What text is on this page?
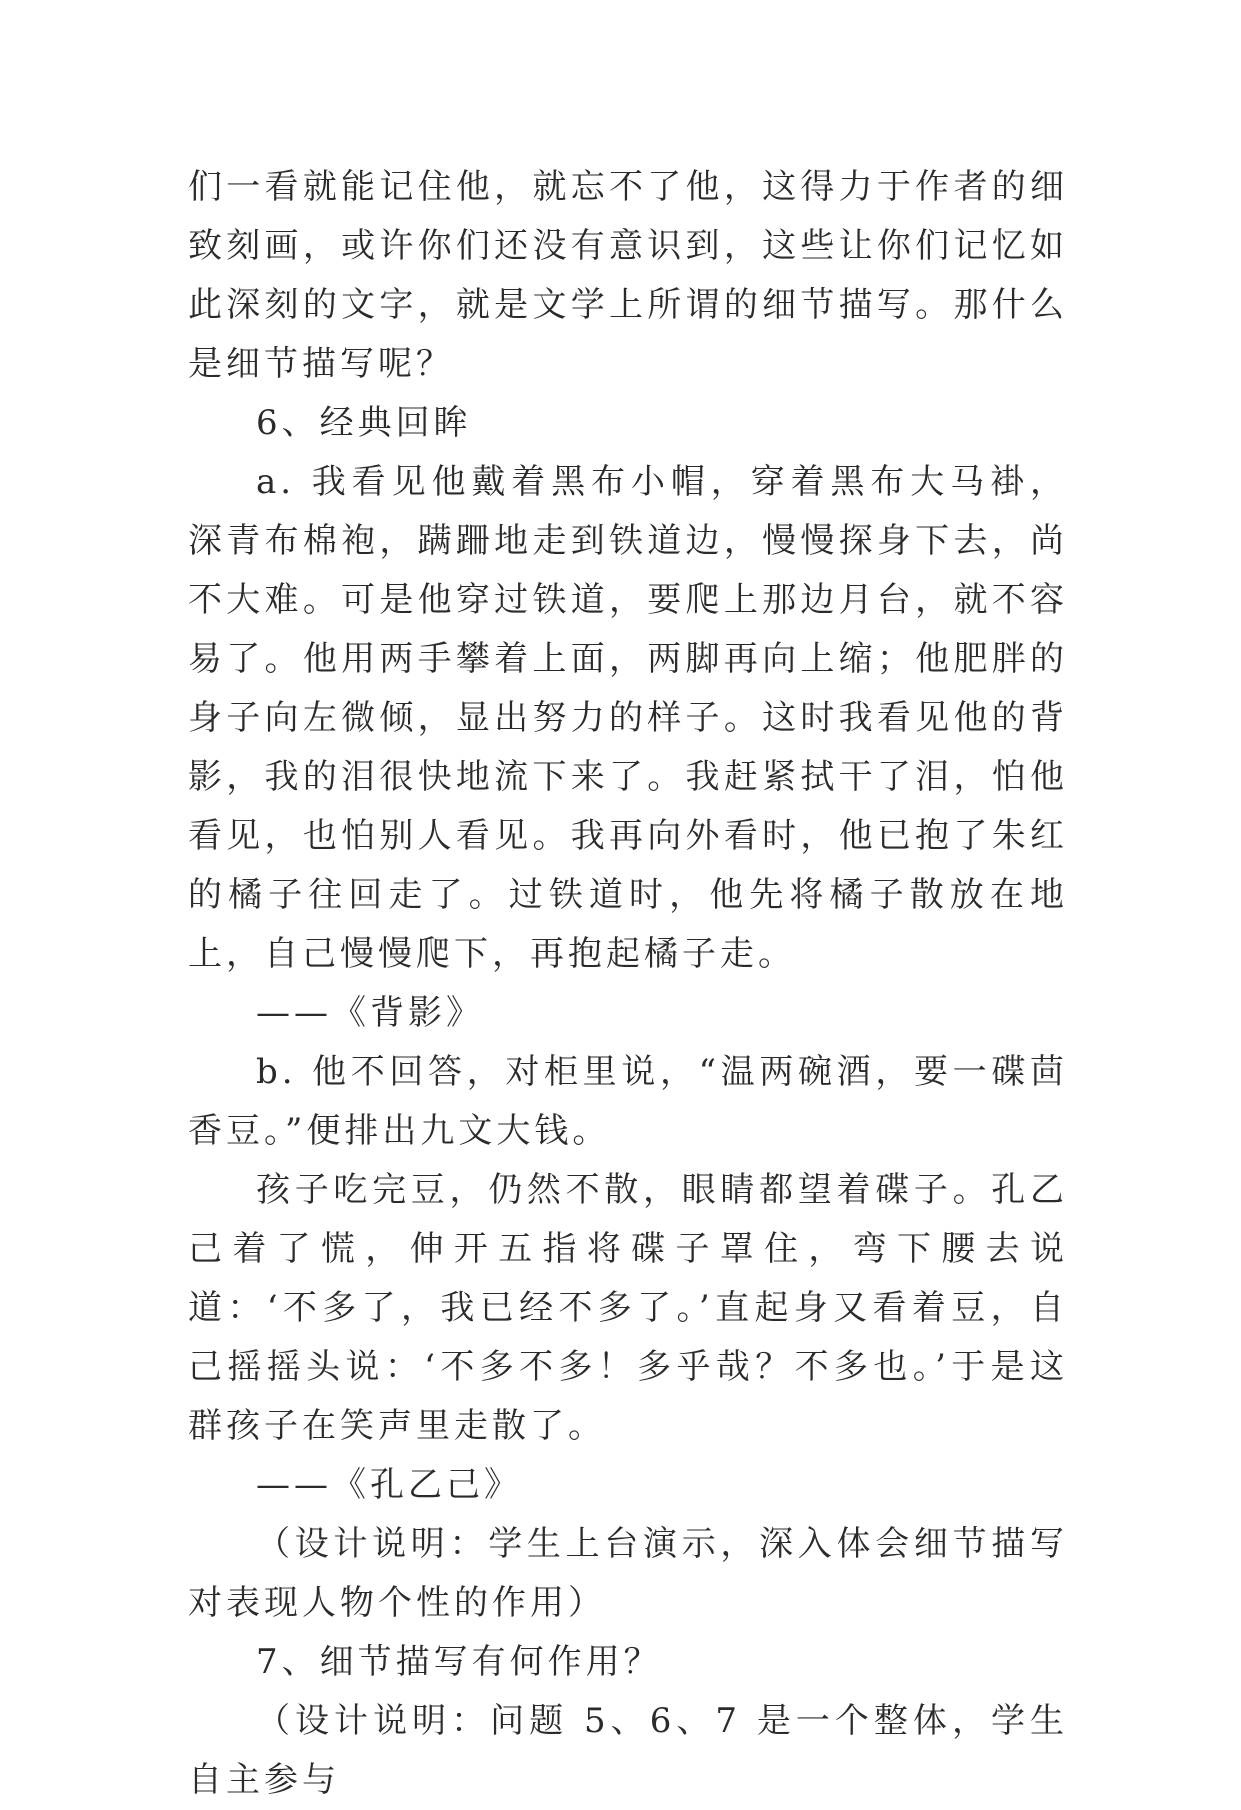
们一看就能记住他，就忘不了他，这得力于作者的细致刻画，或许你们还没有意识到，这些让你们记忆如此深刻的文字，就是文学上所谓的细节描写。那什么是细节描写呢？

6、经典回眸

a. 我看见他戴着黑布小帽，穿着黑布大马褂，深青布棉袍，蹒跚地走到铁道边，慢慢探身下去，尚不大难。可是他穿过铁道，要爬上那边月台，就不容易了。他用两手攀着上面，两脚再向上缩；他肥胖的身子向左微倾，显出努力的样子。这时我看见他的背影，我的泪很快地流下来了。我赶紧拭干了泪，怕他看见，也怕别人看见。我再向外看时，他已抱了朱红的橘子往回走了。过铁道时，他先将橘子散放在地上，自己慢慢爬下，再抱起橘子走。

——《背影》

b. 他不回答，对柜里说，“温两碗酒，要一碟茴香豆。”便排出九文大钱。

孩子吃完豆，仍然不散，眼睛都望着碟子。孔乙己着了慌，伸开五指将碟子罩住，弯下腰去说道：‘不多了，我已经不多了。’直起身又看着豆，自己摇摇头说：‘不多不多！多乎哉？不多也。’于是这群孩子在笑声里走散了。

——《孔乙己》

（设计说明：学生上台演示，深入体会细节描写对表现人物个性的作用）

7、细节描写有何作用？

（设计说明：问题 5、6、7 是一个整体，学生自主参与
